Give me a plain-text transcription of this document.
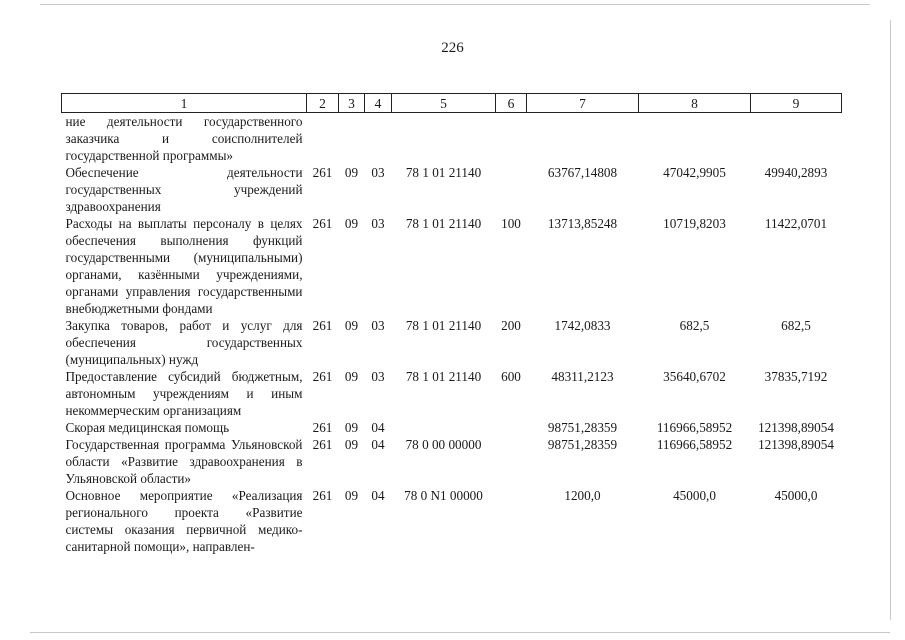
226
1	2	3	4	5	6	7	8	9
ние деятельности государственного заказчика и соисполнителей государственной программы»								
Обеспечение деятельности государственных учреждений здравоохранения	261	09	03	78 1 01 21140		63767,14808	47042,9905	49940,2893
Расходы на выплаты персоналу в целях обеспечения выполнения функций государственными (муниципальными) органами, казёнными учреждениями, органами управления государственными внебюджетными фондами	261	09	03	78 1 01 21140	100	13713,85248	10719,8203	11422,0701
Закупка товаров, работ и услуг для обеспечения государственных (муниципальных) нужд	261	09	03	78 1 01 21140	200	1742,0833	682,5	682,5
Предоставление субсидий бюджетным, автономным учреждениям и иным некоммерческим организациям	261	09	03	78 1 01 21140	600	48311,2123	35640,6702	37835,7192
Скорая медицинская помощь	261	09	04			98751,28359	116966,58952	121398,89054
Государственная программа Ульяновской области «Развитие здравоохранения в Ульяновской области»	261	09	04	78 0 00 00000		98751,28359	116966,58952	121398,89054
Основное мероприятие «Реализация регионального проекта «Развитие системы оказания первичной медико-санитарной помощи», направлен-	261	09	04	78 0 N1 00000		1200,0	45000,0	45000,0
